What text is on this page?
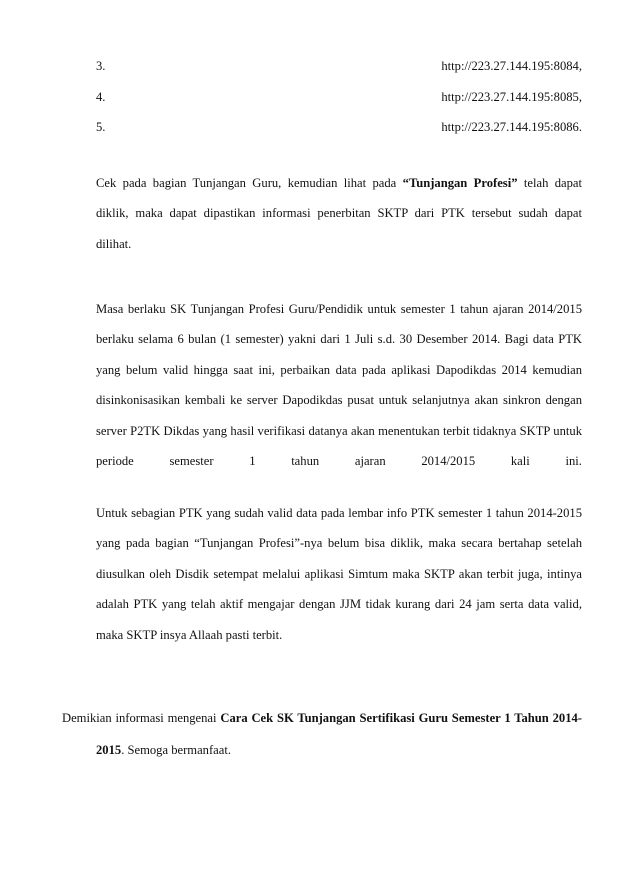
3.	http://223.27.144.195:8084,
4.	http://223.27.144.195:8085,
5.	http://223.27.144.195:8086.
Cek pada bagian Tunjangan Guru, kemudian lihat pada “Tunjangan Profesi” telah dapat
diklik, maka dapat dipastikan informasi penerbitan SKTP dari PTK tersebut sudah dapat
dilihat.
Masa berlaku SK Tunjangan Profesi Guru/Pendidik untuk semester 1 tahun ajaran 2014/2015
berlaku selama 6 bulan (1 semester) yakni dari 1 Juli s.d. 30 Desember 2014. Bagi data PTK
yang belum valid hingga saat ini, perbaikan data pada aplikasi Dapodikdas 2014 kemudian
disinkonisasikan kembali ke server Dapodikdas pusat untuk selanjutnya akan sinkron dengan
server P2TK Dikdas yang hasil verifikasi datanya akan menentukan terbit tidaknya SKTP untuk
periode	semester	1	tahun	ajaran	2014/2015	kali	ini.
Untuk sebagian PTK yang sudah valid data pada lembar info PTK semester 1 tahun 2014-2015
yang pada bagian “Tunjangan Profesi”-nya belum bisa diklik, maka secara bertahap setelah
diusulkan oleh Disdik setempat melalui aplikasi Simtum maka SKTP akan terbit juga, intinya
adalah PTK yang telah aktif mengajar dengan JJM tidak kurang dari 24 jam serta data valid,
maka SKTP insya Allaah pasti terbit.
Demikian informasi mengenai Cara Cek SK Tunjangan Sertifikasi Guru Semester 1 Tahun 2014-
2015. Semoga bermanfaat.
